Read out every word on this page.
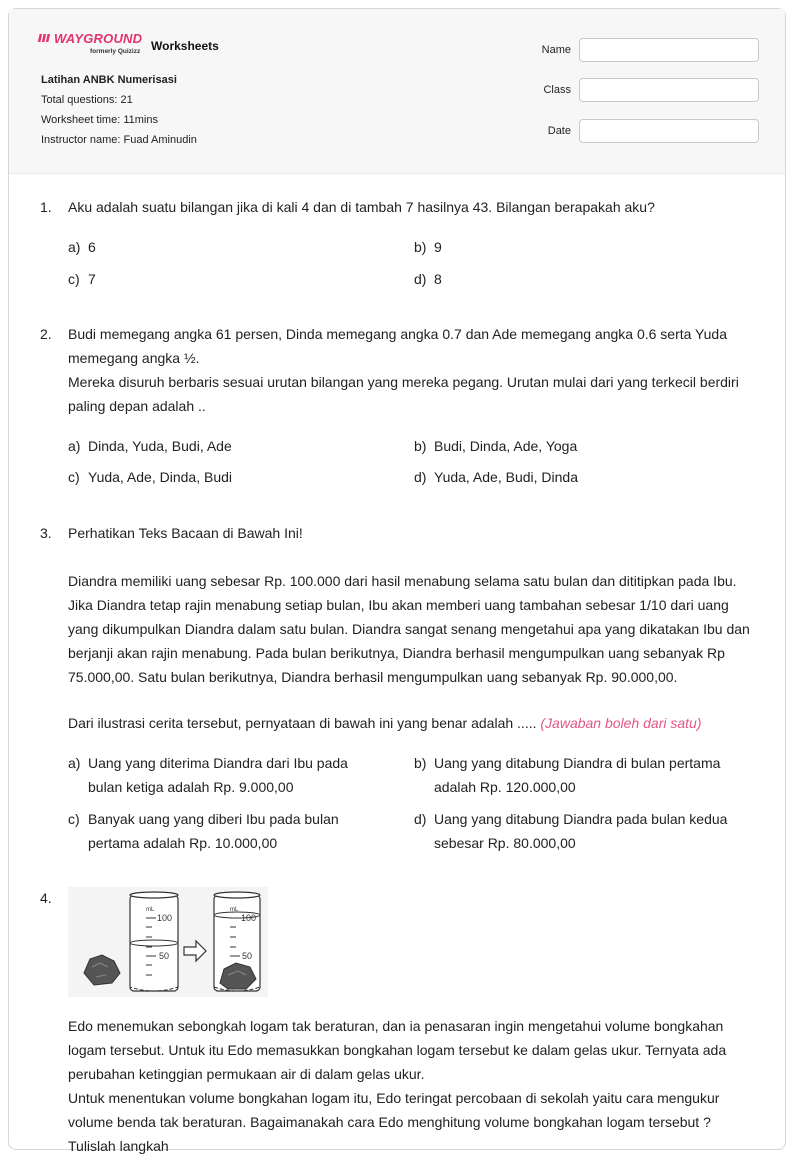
WAYGROUND
formerly Quizizz Worksheets
Latihan ANBK Numerisasi
Total questions: 21
Worksheet time: 11mins
Instructor name: Fuad Aminudin
Name
Class
Date
1.	Aku adalah suatu bilangan jika di kali 4 dan di tambah 7 hasilnya 43. Bilangan berapakah aku?
a) 6	b) 9
c) 7	d) 8
2.	Budi memegang angka 61 persen, Dinda memegang angka 0.7 dan Ade memegang angka 0.6 serta Yuda memegang angka ½.

Mereka disuruh berbaris sesuai urutan bilangan yang mereka pegang. Urutan mulai dari yang terkecil berdiri paling depan adalah ..

a) Dinda, Yuda, Budi, Ade	b) Budi, Dinda, Ade, Yoga
c) Yuda, Ade, Dinda, Budi	d) Yuda, Ade, Budi, Dinda
3.	Perhatikan Teks Bacaan di Bawah Ini!
Diandra memiliki uang sebesar Rp. 100.000 dari hasil menabung selama satu bulan dan dititipkan pada Ibu. Jika Diandra tetap rajin menabung setiap bulan, Ibu akan memberi uang tambahan sebesar 1/10 dari uang yang dikumpulkan Diandra dalam satu bulan. Diandra sangat senang mengetahui apa yang dikatakan Ibu dan berjanji akan rajin menabung. Pada bulan berikutnya, Diandra berhasil mengumpulkan uang sebanyak Rp 75.000,00. Satu bulan berikutnya, Diandra berhasil mengumpulkan uang sebanyak Rp. 90.000,00.
Dari ilustrasi cerita tersebut, pernyataan di bawah ini yang benar adalah ..... (Jawaban boleh dari satu)
a) Uang yang diterima Diandra dari Ibu pada bulan ketiga adalah Rp. 9.000,00
b) Uang yang ditabung Diandra di bulan pertama adalah Rp. 120.000,00
c) Banyak uang yang diberi Ibu pada bulan pertama adalah Rp. 10.000,00
d) Uang yang ditabung Diandra pada bulan kedua sebesar Rp. 80.000,00
4.
mL
100
50
mL
100
50

Edo menemukan sebongkah logam tak beraturan, dan ia penasaran ingin mengetahui volume bongkahan logam tersebut. Untuk itu Edo memasukkan bongkahan logam tersebut ke dalam gelas ukur. Ternyata ada perubahan ketinggian permukaan air di dalam gelas ukur.

Untuk menentukan volume bongkahan logam itu, Edo teringat percobaan di sekolah yaitu cara mengukur volume benda tak beraturan. Bagaimanakah cara Edo menghitung volume bongkahan logam tersebut ? Tulislah langkah
